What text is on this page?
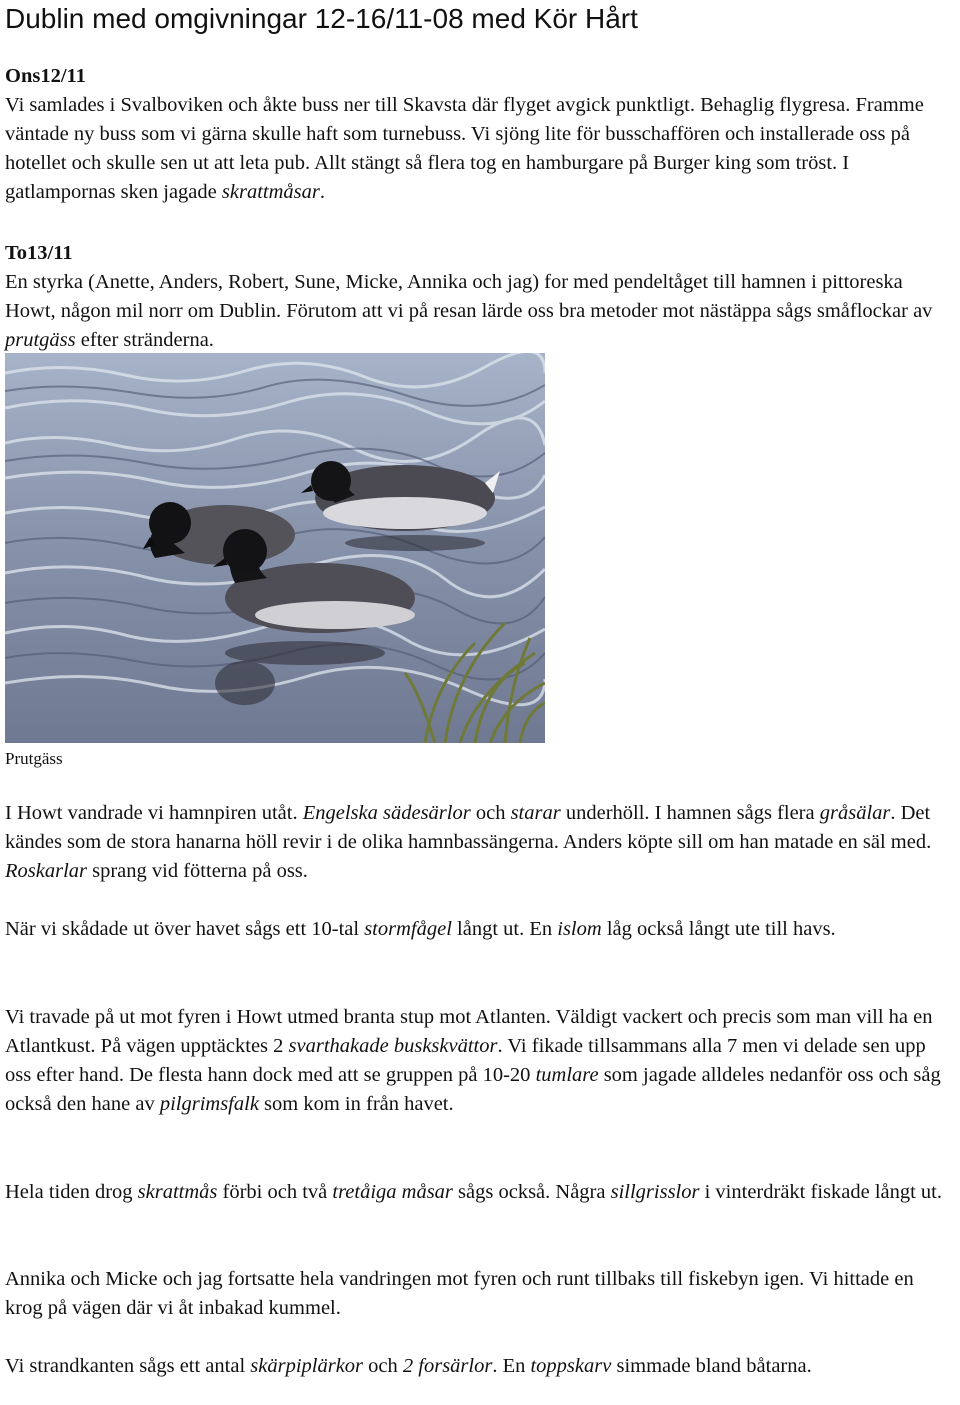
Dublin med omgivningar 12-16/11-08 med Kör Hårt

Ons12/11

Vi samlades i Svalboviken och åkte buss ner till Skavsta där flyget avgick punktligt. Behaglig flygresa. Framme väntade ny buss som vi gärna skulle haft som turnebuss. Vi sjöng lite för busschaffören och installerade oss på hotellet och skulle sen ut att leta pub. Allt stängt så flera tog en hamburgare på Burger king som tröst. I gatlampornas sken jagade skrattmåsar.

To13/11

En styrka (Anette, Anders, Robert, Sune, Micke, Annika och jag) for med pendeltåget till hamnen i pittoreska Howt, någon mil norr om Dublin. Förutom att vi på resan lärde oss bra metoder mot nästäppa sågs småflockar av prutgäss efter stränderna.

Prutgäss

I Howt vandrade vi hamnpiren utåt. Engelska sädesärlor och starar underhöll. I hamnen sågs flera gråsälar. Det kändes som de stora hanarna höll revir i de olika hamnbassängerna. Anders köpte sill om han matade en säl med. Roskarlar sprang vid fötterna på oss.

När vi skådade ut över havet sågs ett 10-tal stormfågel långt ut. En islom låg också långt ute till havs.

Vi travade på ut mot fyren i Howt utmed branta stup mot Atlanten. Väldigt vackert och precis som man vill ha en Atlantkust. På vägen upptäcktes 2 svarthakade buskskvättor. Vi fikade tillsammans alla 7 men vi delade sen upp oss efter hand. De flesta hann dock med att se gruppen på 10-20 tumlare som jagade alldeles nedanför oss och såg också den hane av pilgrimsfalk som kom in från havet.

Hela tiden drog skrattmås förbi och två tretåiga måsar sågs också. Några sillgrisslor i vinterdräkt fiskade långt ut.

Annika och Micke och jag fortsatte hela vandringen mot fyren och runt tillbaks till fiskebyn igen. Vi hittade en krog på vägen där vi åt inbakad kummel.

Vi strandkanten sågs ett antal skärpiplärkor och 2 forsärlor. En toppskarv simmade bland båtarna.
